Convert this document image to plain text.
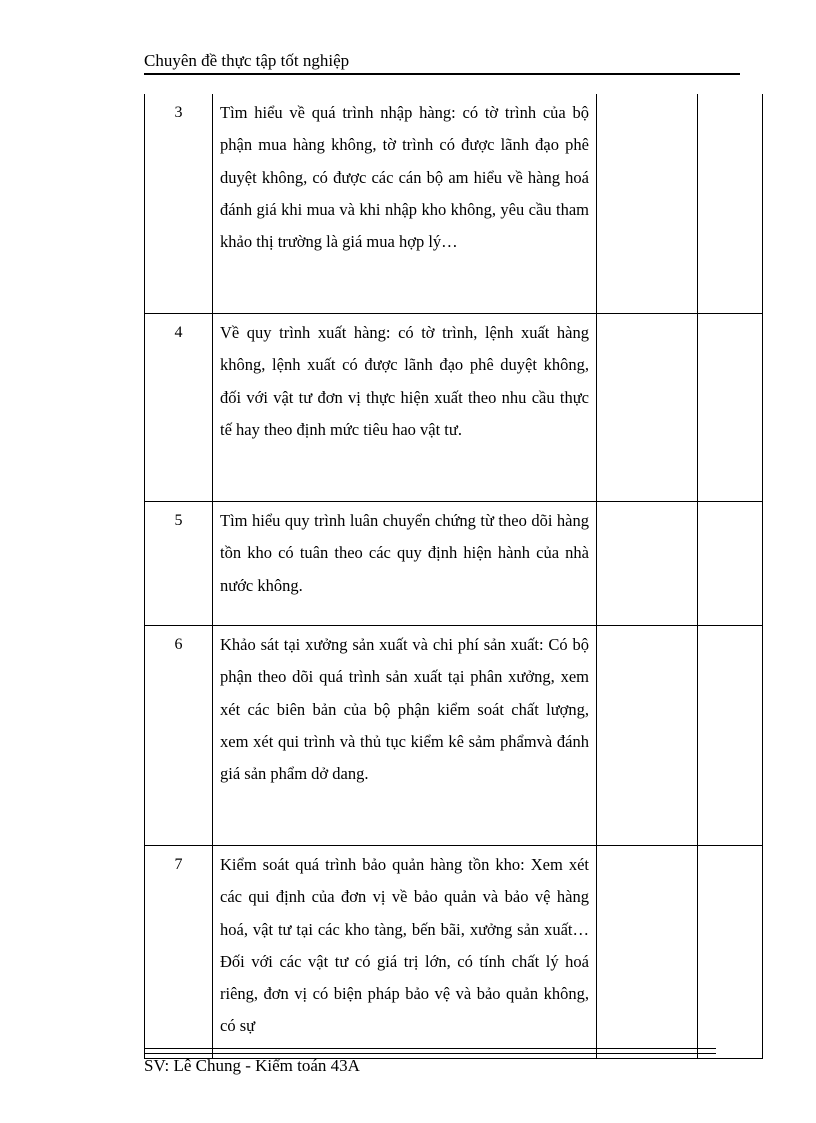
Chuyên đề thực tập tốt nghiệp
3	Tìm hiểu về quá trình nhập hàng: có tờ trình của bộ phận mua hàng không, tờ trình có được lãnh đạo phê duyệt không, có được các cán bộ am hiểu về hàng hoá đánh giá khi mua và khi nhập kho không, yêu cầu tham khảo thị trường là giá mua hợp lý…		
4	Về quy trình xuất hàng: có tờ trình, lệnh xuất hàng không, lệnh xuất có được lãnh đạo phê duyệt không, đối với vật tư đơn vị thực hiện xuất theo nhu cầu thực tế hay theo định mức tiêu hao vật tư.		
5	Tìm hiểu quy trình luân chuyển chứng từ theo dõi hàng tồn kho có tuân theo các quy định hiện hành của nhà nước không.		
6	Khảo sát tại xưởng sản xuất và chi phí sản xuất: Có bộ phận theo dõi quá trình sản xuất tại phân xưởng, xem xét các biên bản của bộ phận kiểm soát chất lượng, xem xét qui trình và thủ tục kiểm kê sảm phẩmvà đánh giá sản phẩm dở dang.		
7	Kiểm soát quá trình bảo quản hàng tồn kho: Xem xét các qui định của đơn vị về bảo quản và bảo vệ hàng hoá, vật tư tại các kho tàng, bến bãi, xưởng sản xuất… Đối với các vật tư có giá trị lớn, có tính chất lý hoá riêng, đơn vị có biện pháp bảo vệ và bảo quản không, có sự		
SV: Lê Chung - Kiểm toán 43A
